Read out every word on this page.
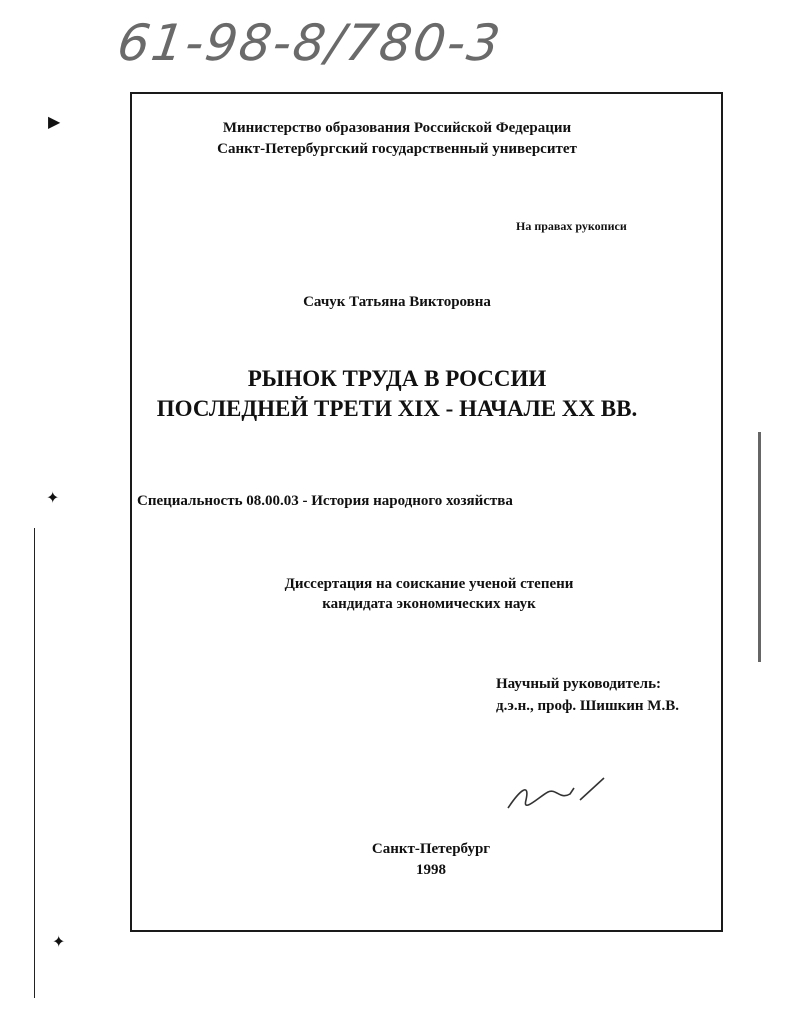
61-98-8/780-3
Министерство образования Российской Федерации
Санкт-Петербургский государственный университет
На правах рукописи
Сачук Татьяна Викторовна
РЫНОК ТРУДА В РОССИИ
ПОСЛЕДНЕЙ ТРЕТИ XIX - НАЧАЛЕ XX ВВ.
Специальность 08.00.03 - История народного хозяйства
Диссертация на соискание ученой степени
кандидата экономических наук
Научный руководитель:
д.э.н., проф. Шишкин М.В.
Санкт-Петербург
1998
▶
✦
✦
